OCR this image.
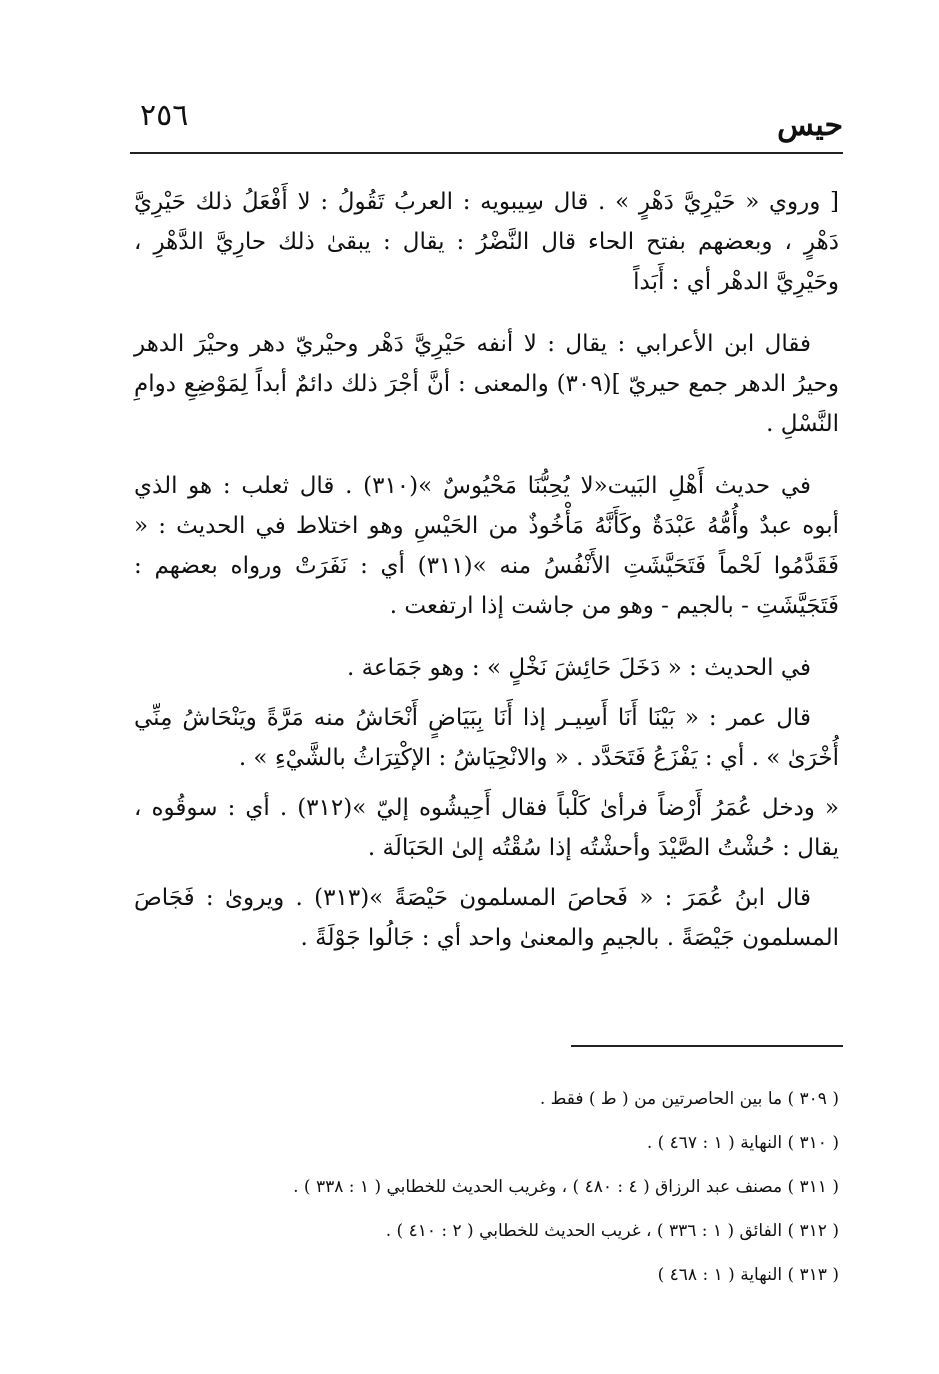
٢٥٦	حيس

[ وروي « حَيْرِيَّ دَهْرٍ » . قال سِيبويه : العربُ تَقُولُ : لا أَفْعَلُ ذلك حَيْرِيَّ دَهْرٍ ، وبعضهم بفتح الحاء قال النَّضْرُ : يقال : يبقىٰ ذلك حارِيَّ الدَّهْرِ ، وحَيْرِيَّ الدهْر أي : أَبَداً

فقال ابن الأعرابي : يقال : لا أنفه حَيْرِيَّ دَهْر وحيْريّ دهر وحيْرَ الدهر وحيرُ الدهر جمع حيريّ ](٣٠٩) والمعنى : أنَّ أجْرَ ذلك دائمٌ أبداً لِمَوْضِعِ دوامِ النَّسْلِ .

في حديث أَهْلِ البَيت«لا يُحِبُّنَا مَحْيُوسٌ »(٣١٠) . قال ثعلب : هو الذي أبوه عبدٌ وأُمُّهُ عَبْدَةٌ وكَأَنَّهُ مَأْخُوذٌ من الحَيْسِ وهو اختلاط في الحديث : « فَقَدَّمُوا لَحْماً فَتَحَيَّشَتِ الأَنْفُسُ منه »(٣١١) أي : نَفَرَتْ ورواه بعضهم : فَتَجَيَّشَتِ - بالجيم - وهو من جاشت إذا ارتفعت .

في الحديث : « دَخَلَ حَائِشَ نَخْلٍ » : وهو جَمَاعة .

قال عمر : « بَيْنَا أَنَا أَسِيـر إذا أَنَا بِبَيَاضٍ أَنْحَاشُ منه مَرَّةً ويَنْحَاشُ مِنِّي أُخْرَىٰ » . أي : يَفْزَعُ فَتَحَدَّد . « والانْحِيَاشُ : الإكْتِرَاثُ بالشَّيْءِ » .

« ودخل عُمَرُ أَرْضاً فرأىٰ كَلْباً فقال أَحِيشُوه إليّ »(٣١٢) . أي : سوقُوه ، يقال : حُشْتُ الصَّيْدَ وأحشْتُه إذا سُقْتُه إلىٰ الحَبَالَة .

قال ابنُ عُمَرَ : « فَحاصَ المسلمون حَيْصَةً »(٣١٣) . ويروىٰ : فَجَاصَ المسلمون جَيْصَةً . بالجيمِ والمعنىٰ واحد أي : جَالُوا جَوْلَةً .

( ٣٠٩ ) ما بين الحاصرتين من ( ط ) فقط .
( ٣١٠ ) النهاية ( ١ : ٤٦٧ ) .
( ٣١١ ) مصنف عبد الرزاق ( ٤ : ٤٨٠ ) ، وغريب الحديث للخطابي ( ١ : ٣٣٨ ) .
( ٣١٢ ) الفائق ( ١ : ٣٣٦ ) ، غريب الحديث للخطابي ( ٢ : ٤١٠ ) .
( ٣١٣ ) النهاية ( ١ : ٤٦٨ )
